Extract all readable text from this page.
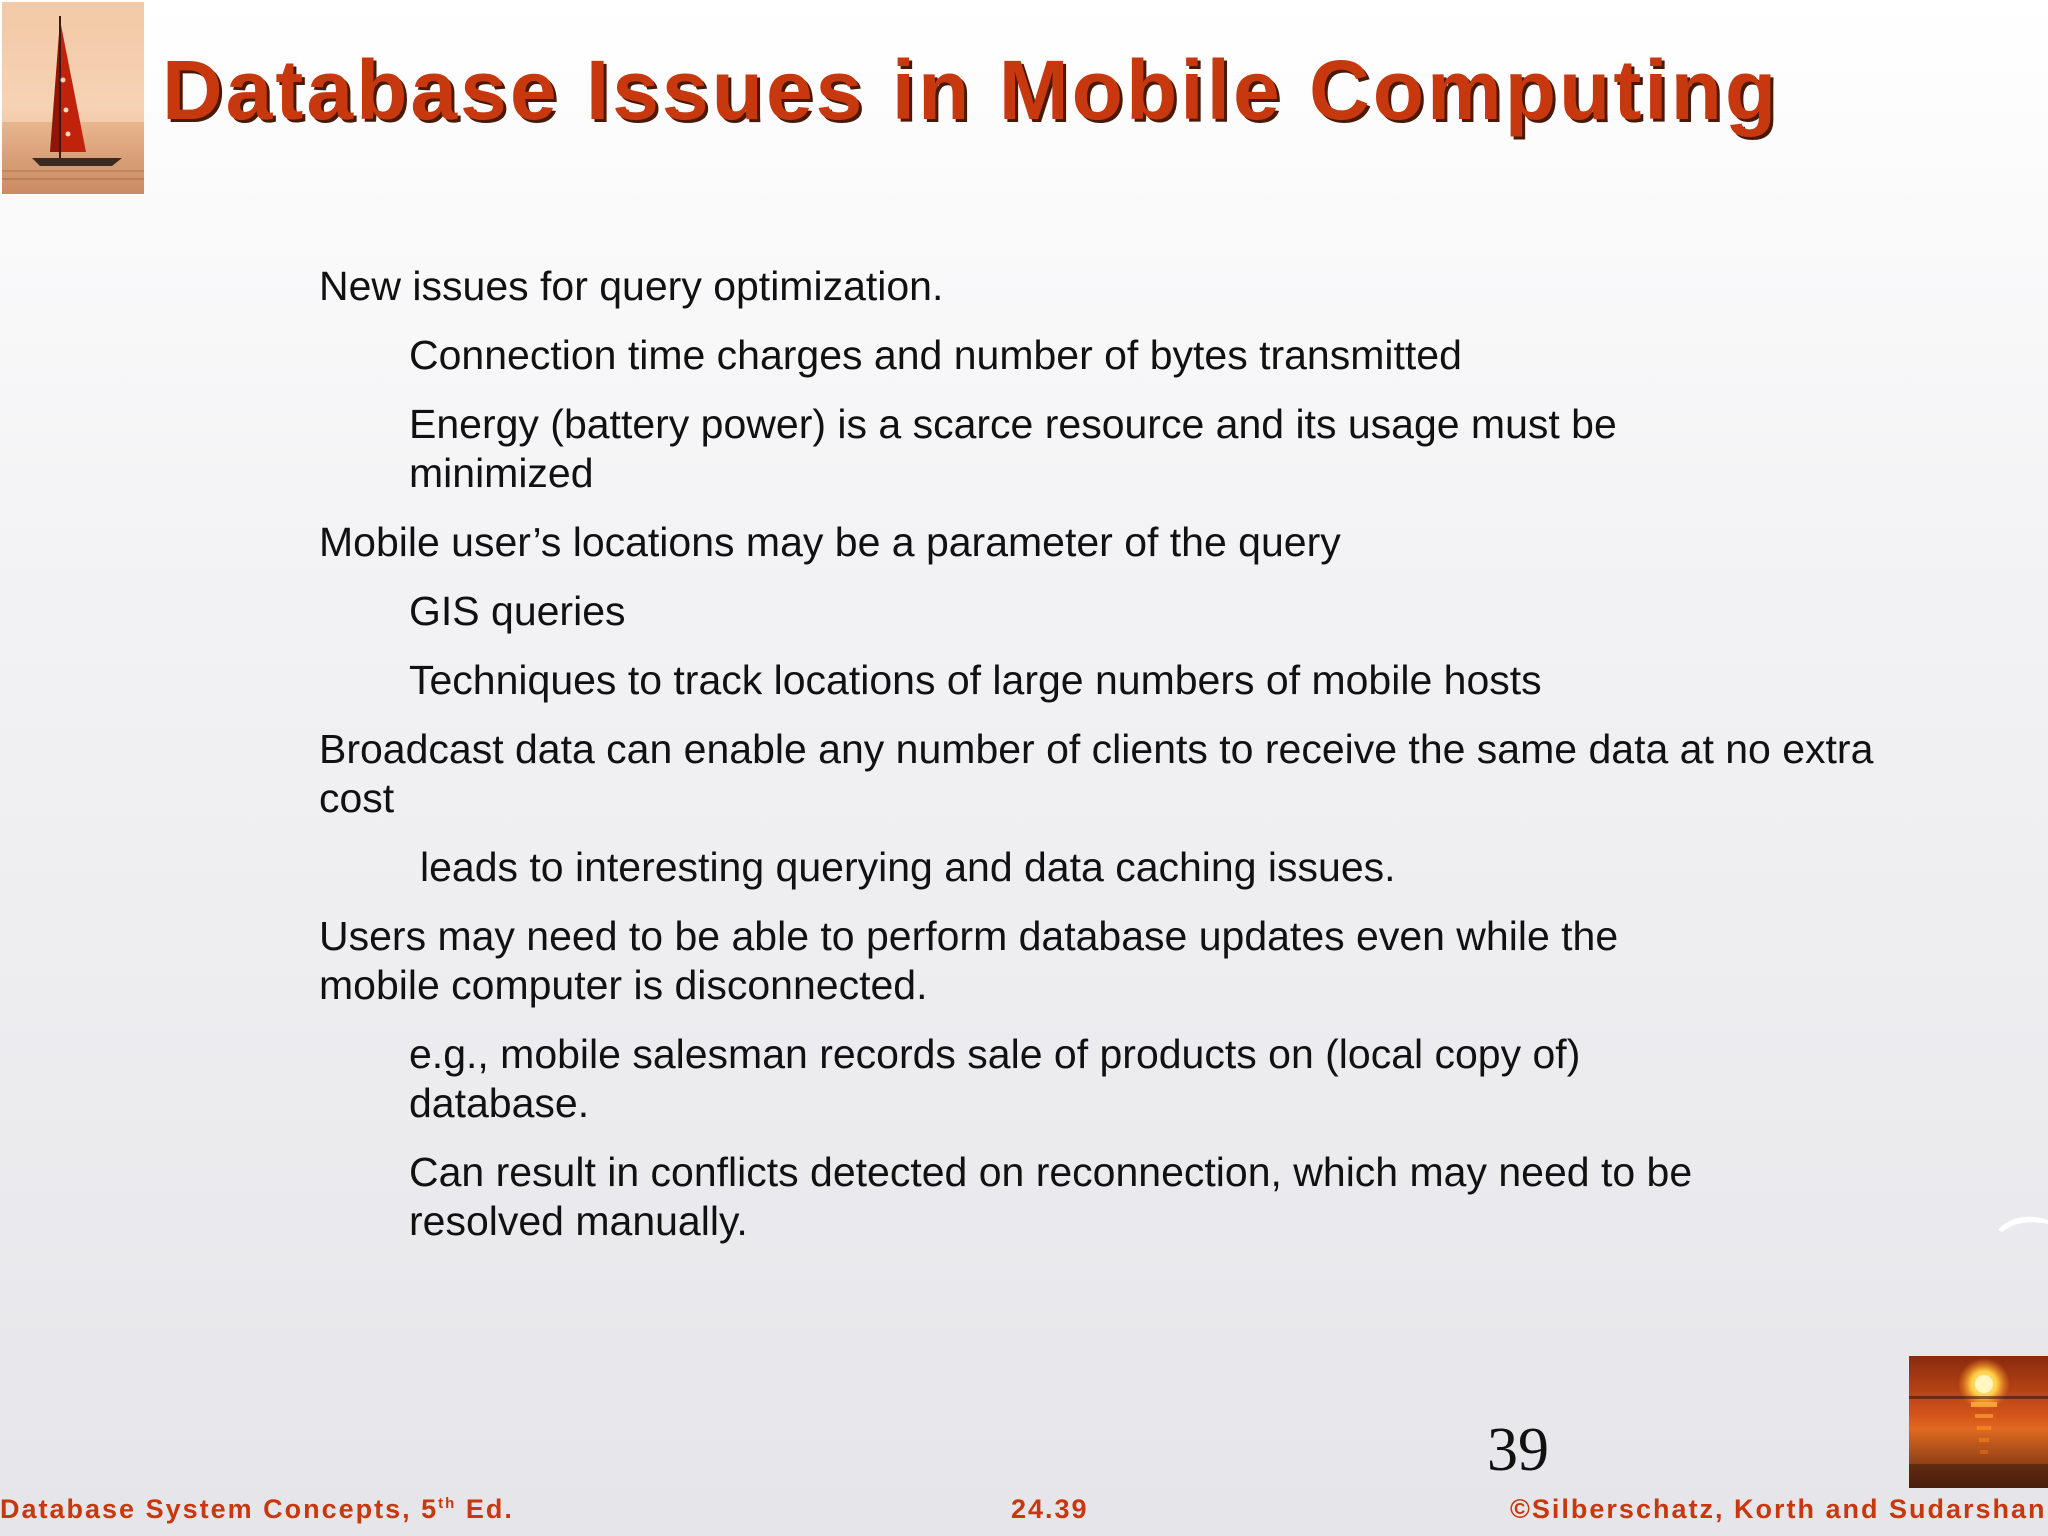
Database Issues in Mobile Computing

New issues for query optimization.

Connection time charges and number of bytes transmitted

Energy (battery power) is a scarce resource and its usage must be minimized

Mobile user’s locations may be a parameter of the query

GIS queries

Techniques to track locations of large numbers of mobile hosts

Broadcast data can enable any number of clients to receive the same data at no extra cost

leads to interesting querying and data caching issues.

Users may need to be able to perform database updates even while the mobile computer is disconnected.

e.g., mobile salesman records sale of products on (local copy of) database.

Can result in conflicts detected on reconnection, which may need to be resolved manually.

39
Database System Concepts, 5th Ed.	24.39	©Silberschatz, Korth and Sudarshan
